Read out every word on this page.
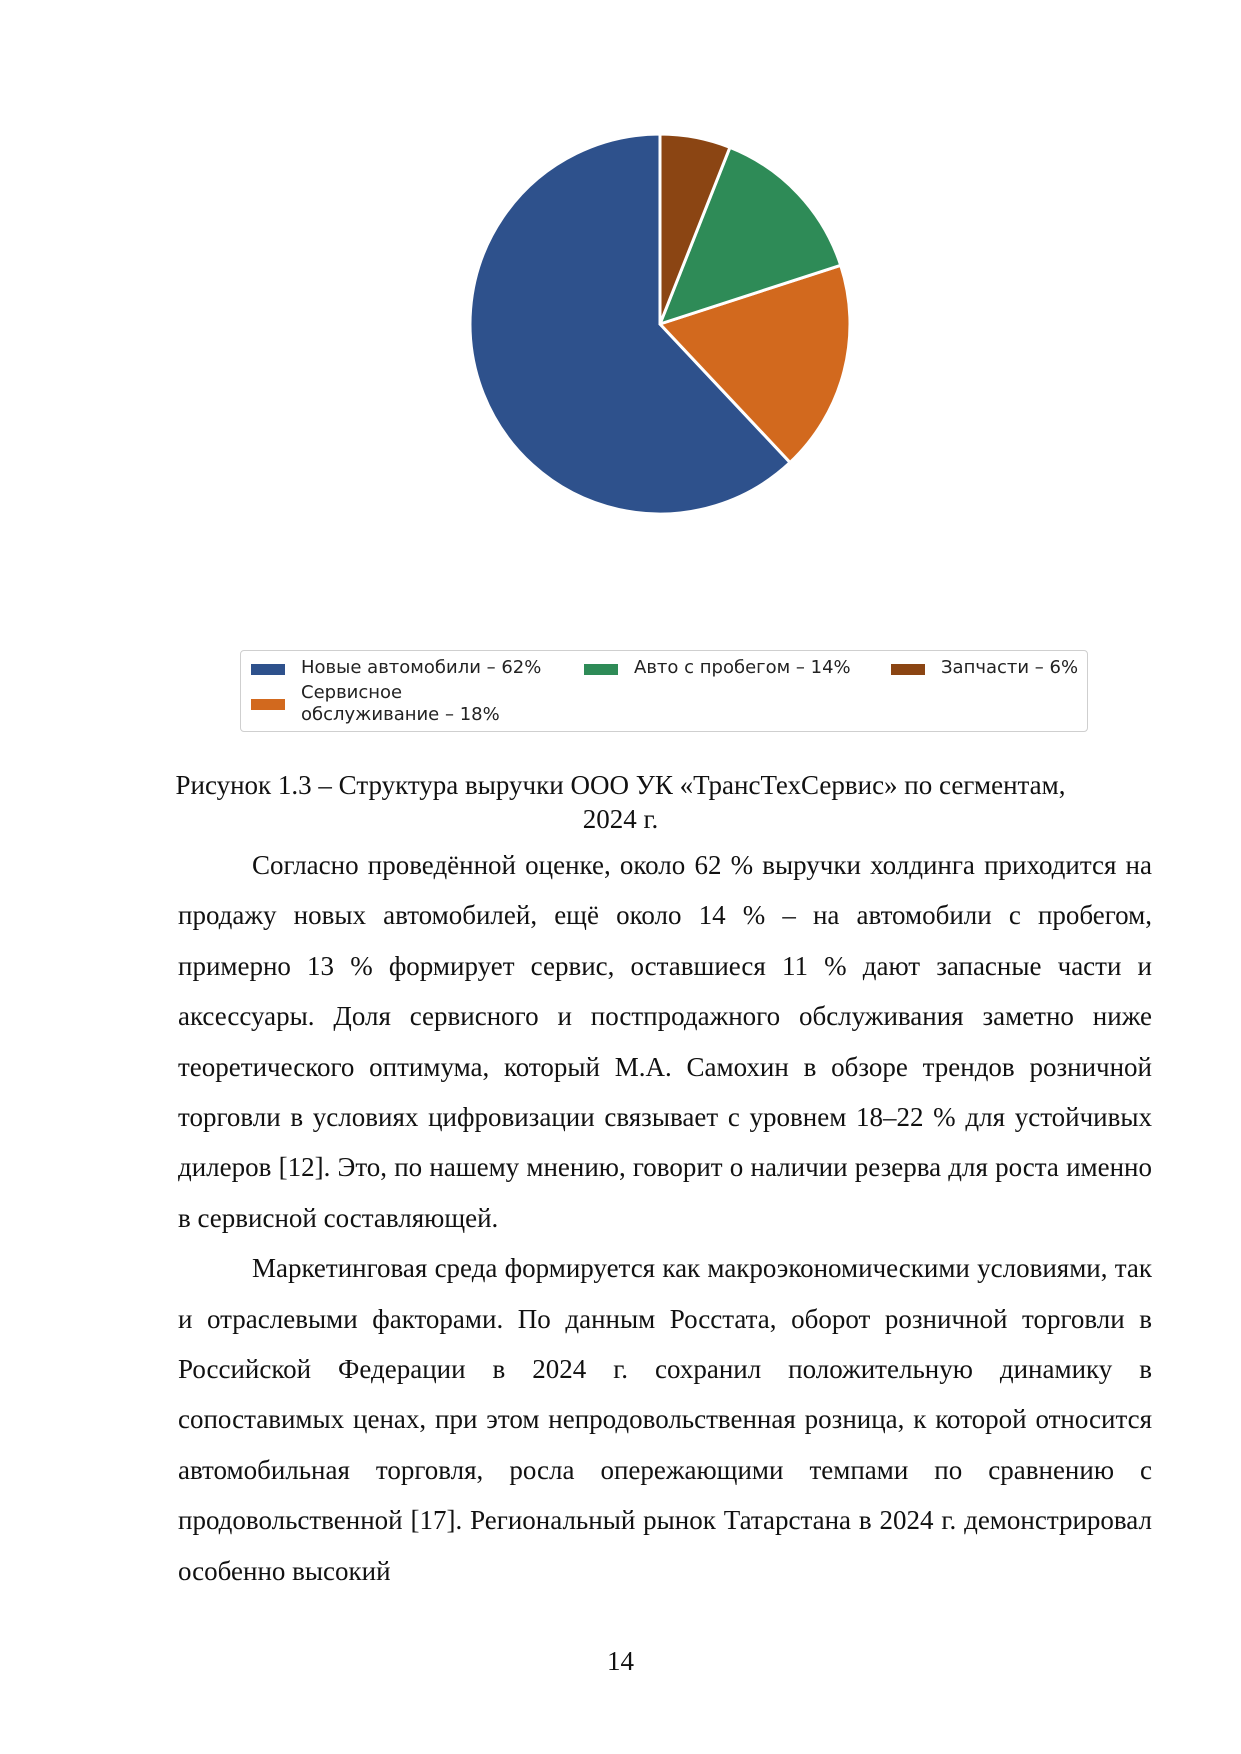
Новые автомобили – 62%	Авто с пробегом – 14%	Запчасти – 6%
Сервисное
обслуживание – 18%
Рисунок 1.3 – Структура выручки ООО УК «ТрансТехСервис» по сегментам, 2024 г.

Согласно проведённой оценке, около 62 % выручки холдинга приходится на продажу новых автомобилей, ещё около 14 % – на автомобили с пробегом, примерно 13 % формирует сервис, оставшиеся 11 % дают запасные части и аксессуары. Доля сервисного и постпродажного обслуживания заметно ниже теоретического оптимума, который М.А. Самохин в обзоре трендов розничной торговли в условиях цифровизации связывает с уровнем 18–22 % для устойчивых дилеров [12]. Это, по нашему мнению, говорит о наличии резерва для роста именно в сервисной составляющей.

Маркетинговая среда формируется как макроэкономическими условиями, так и отраслевыми факторами. По данным Росстата, оборот розничной торговли в Российской Федерации в 2024 г. сохранил положительную динамику в сопоставимых ценах, при этом непродовольственная розница, к которой относится автомобильная торговля, росла опережающими темпами по сравнению с продовольственной [17]. Региональный рынок Татарстана в 2024 г. демонстрировал особенно высокий

14
